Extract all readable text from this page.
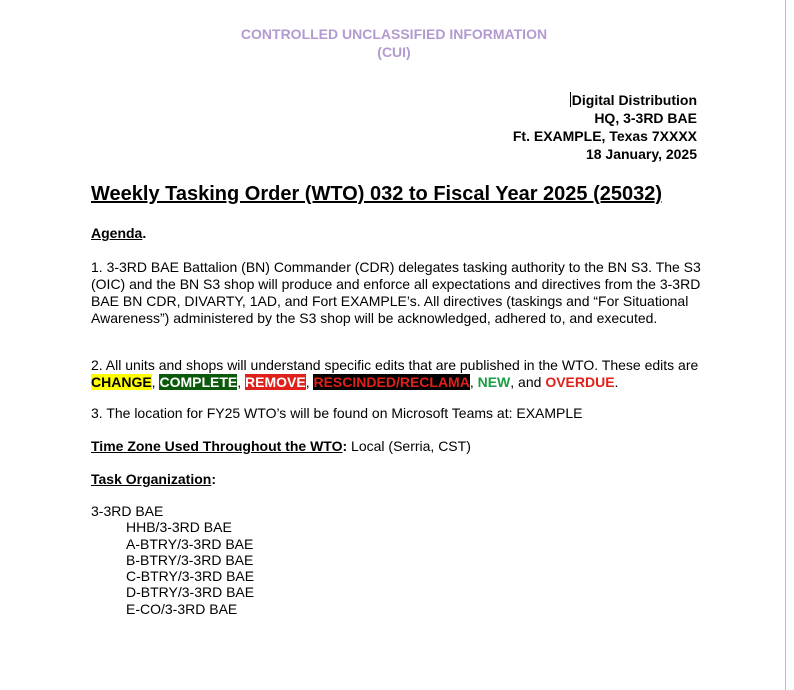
CONTROLLED UNCLASSIFIED INFORMATION
(CUI)
Digital Distribution
HQ, 3-3RD BAE
Ft. EXAMPLE, Texas 7XXXX
18 January, 2025
Weekly Tasking Order (WTO) 032 to Fiscal Year 2025 (25032)
Agenda.
1. 3-3RD BAE Battalion (BN) Commander (CDR) delegates tasking authority to the BN S3. The S3 (OIC) and the BN S3 shop will produce and enforce all expectations and directives from the 3-3RD BAE BN CDR, DIVARTY, 1AD, and Fort EXAMPLE’s. All directives (taskings and “For Situational Awareness”) administered by the S3 shop will be acknowledged, adhered to, and executed.
2. All units and shops will understand specific edits that are published in the WTO. These edits are CHANGE, COMPLETE, REMOVE, RESCINDED/RECLAMA, NEW, and OVERDUE.
3. The location for FY25 WTO’s will be found on Microsoft Teams at: EXAMPLE
Time Zone Used Throughout the WTO: Local (Serria, CST)
Task Organization:
3-3RD BAE
HHB/3-3RD BAE
A-BTRY/3-3RD BAE
B-BTRY/3-3RD BAE
C-BTRY/3-3RD BAE
D-BTRY/3-3RD BAE
E-CO/3-3RD BAE
